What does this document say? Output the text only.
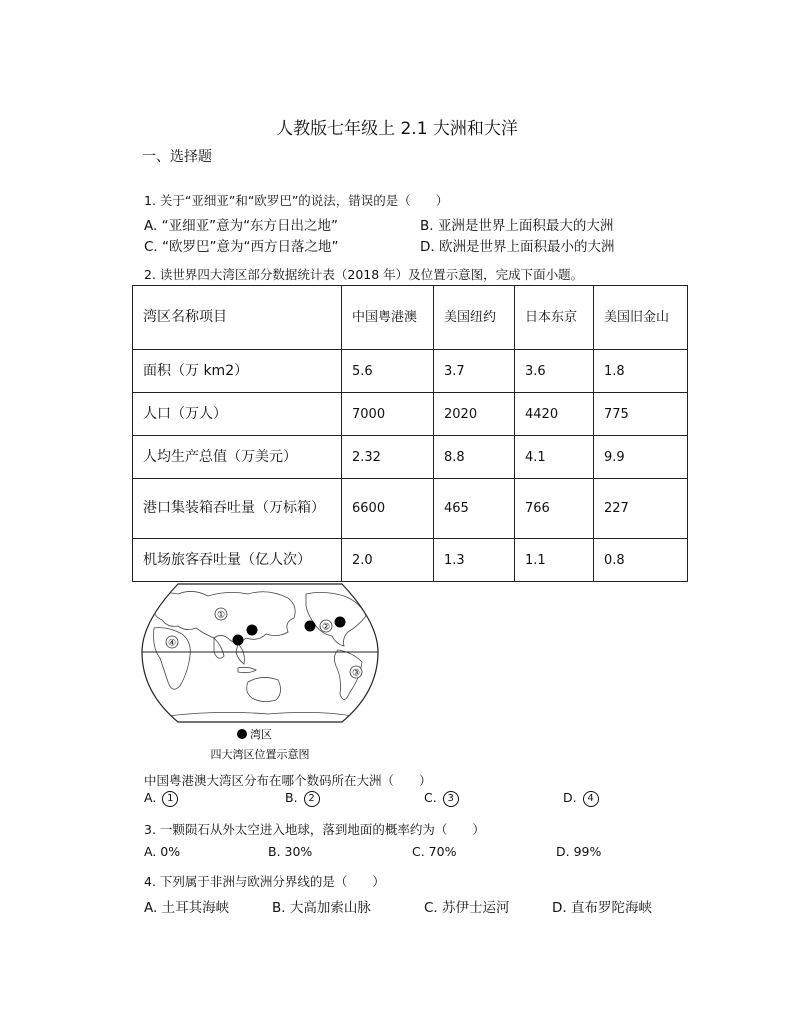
人教版七年级上 2.1 大洲和大洋
一、选择题
1. 关于“亚细亚”和“欧罗巴”的说法，错误的是（　　）
A. “亚细亚”意为“东方日出之地”	B. 亚洲是世界上面积最大的大洲
C. “欧罗巴”意为“西方日落之地”	D. 欧洲是世界上面积最小的大洲
2. 读世界四大湾区部分数据统计表（2018 年）及位置示意图，完成下面小题。
湾区名称项目	中国粤港澳	美国纽约	日本东京	美国旧金山
面积（万 km2）	5.6	3.7	3.6	1.8
人口（万人）	7000	2020	4420	775
人均生产总值（万美元）	2.32	8.8	4.1	9.9
港口集装箱吞吐量（万标箱）	6600	465	766	227
机场旅客吞吐量（亿人次）	2.0	1.3	1.1	0.8
①
②
③
④
湾区
四大湾区位置示意图
中国粤港澳大湾区分布在哪个数码所在大洲（　　）
A. 1	B. 2	C. 3	D. 4
3. 一颗陨石从外太空进入地球，落到地面的概率约为（　　）
A. 0%	B. 30%	C. 70%	D. 99%
4. 下列属于非洲与欧洲分界线的是（　　）
A. 土耳其海峡	B. 大高加索山脉	C. 苏伊士运河	D. 直布罗陀海峡
